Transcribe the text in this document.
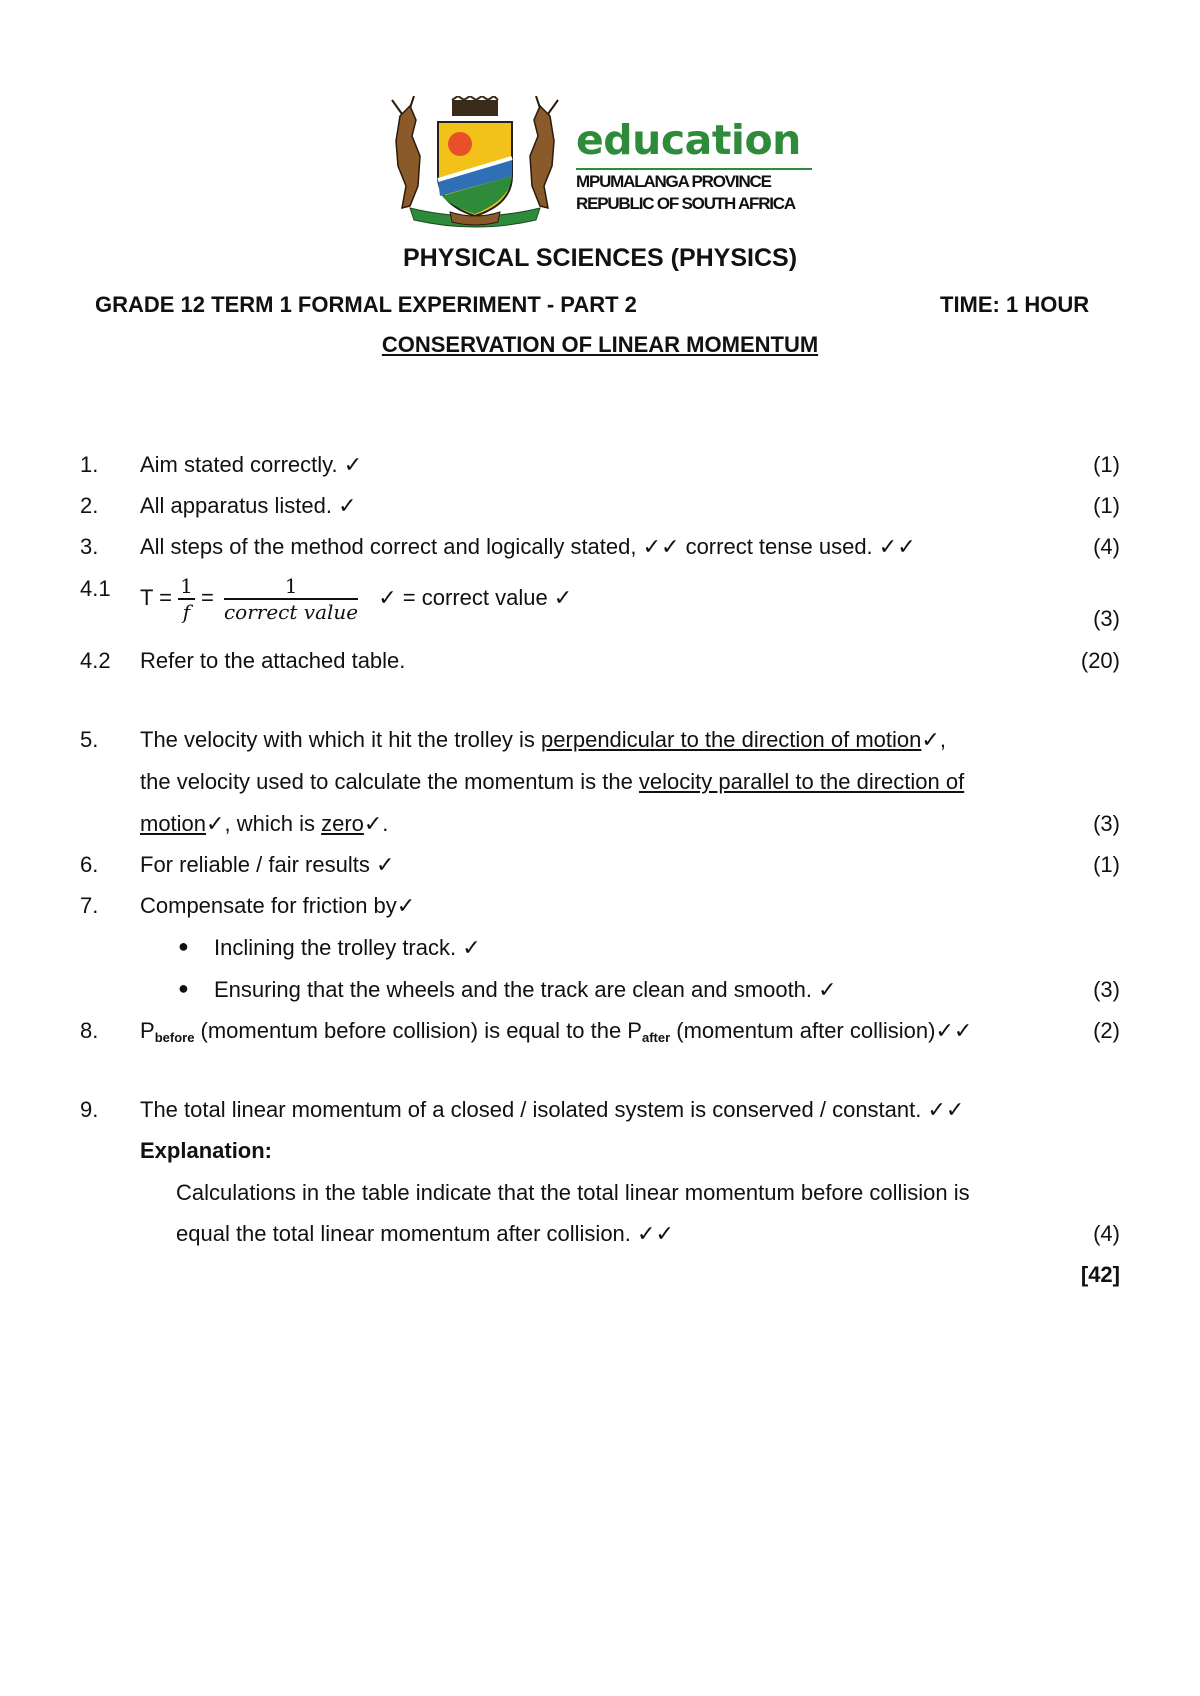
education
MPUMALANGA PROVINCE
REPUBLIC OF SOUTH AFRICA
PHYSICAL SCIENCES (PHYSICS)
GRADE 12 TERM 1 FORMAL EXPERIMENT - PART 2	TIME: 1 HOUR
CONSERVATION OF LINEAR MOMENTUM
1. Aim stated correctly. ✓	(1)
2. All apparatus listed. ✓	(1)
3. All steps of the method correct and logically stated, ✓✓ correct tense used. ✓✓	(4)
4.1 $T = \frac{1}{f} = \frac{1}{\text{correct value}}$ ✓ = correct value ✓
(3)
4.2 Refer to the attached table.	(20)
5. The velocity with which it hit the trolley is perpendicular to the direction of motion✓,
the velocity used to calculate the momentum is the velocity parallel to the direction of
motion✓, which is zero✓.	(3)
6. For reliable / fair results ✓	(1)
7. Compensate for friction by✓
● Inclining the trolley track. ✓
● Ensuring that the wheels and the track are clean and smooth. ✓	(3)
8. $P_{before}$ (momentum before collision) is equal to the $P_{after}$ (momentum after collision)✓✓	(2)
9. The total linear momentum of a closed / isolated system is conserved / constant. ✓✓
Explanation:
Calculations in the table indicate that the total linear momentum before collision is
equal the total linear momentum after collision. ✓✓	(4)
[42]
